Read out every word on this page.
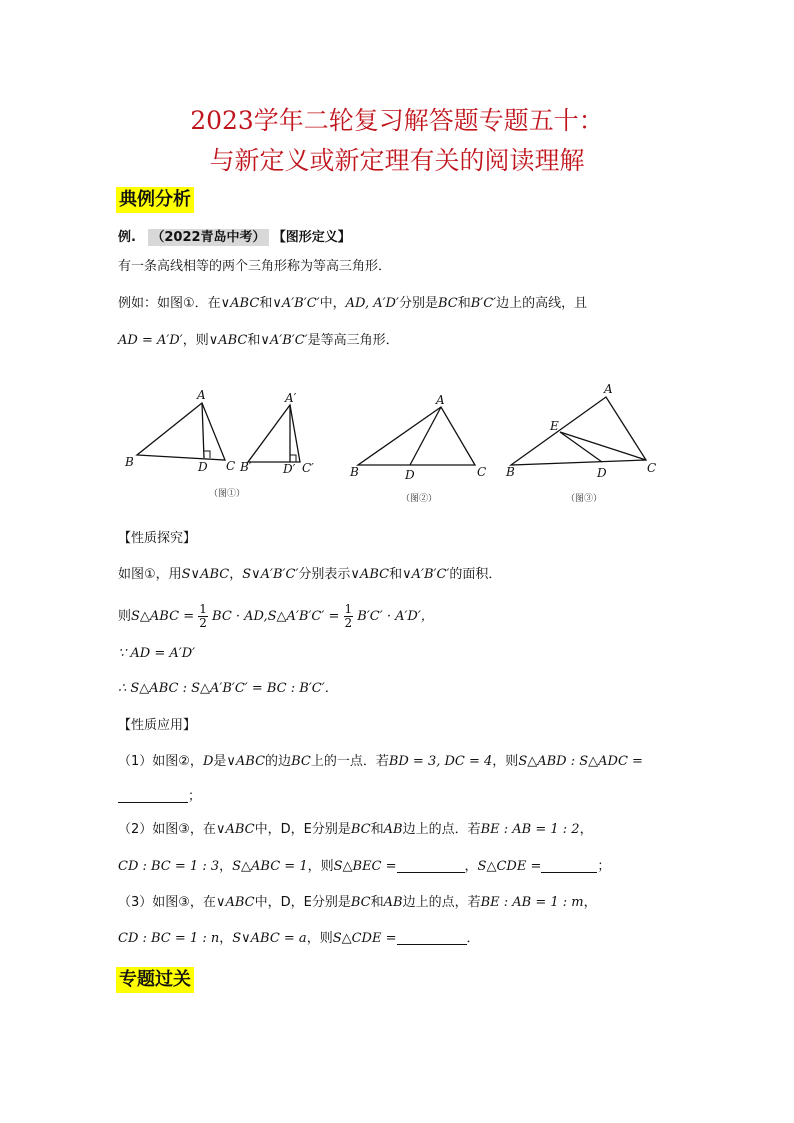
2023学年二轮复习解答题专题五十：
与新定义或新定理有关的阅读理解
典例分析
例. （2022青岛中考） 【图形定义】
有一条高线相等的两个三角形称为等高三角形．
例如：如图①．在∨ABC和∨A′B′C′中，AD, A′D′分别是BC和B′C′边上的高线，且
AD = A′D′，则∨ABC和∨A′B′C′是等高三角形．
A
B	D C
A′
B′	D′ C′
A
B	D	C
A
E
B	D	C
（图①）	（图②）	（图③）
【性质探究】
如图①，用S∨ABC，S∨A′B′C′分别表示∨ABC和∨A′B′C′的面积．
则S△ABC = $\frac{1}{2}$ BC · AD,S△A′B′C′ = $\frac{1}{2} B'C' \cdot A'D'$，
∵ AD = A′D′
∴ S△ABC : S△A′B′C′ = BC : B′C′．
【性质应用】
（1）如图②，D是∨ABC的边BC上的一点．若BD = 3, DC = 4，则S△ABD : S△ADC =
；
（2）如图③，在∨ABC中，D，E分别是BC和AB边上的点．若BE : AB = 1 : 2，
CD : BC = 1 : 3，S△ABC = 1，则S△BEC =	，S△CDE =	；
（3）如图③，在∨ABC中，D，E分别是BC和AB边上的点，若BE : AB = 1 : m，
CD : BC = 1 : n，S∨ABC = a，则S△CDE =	．
专题过关
